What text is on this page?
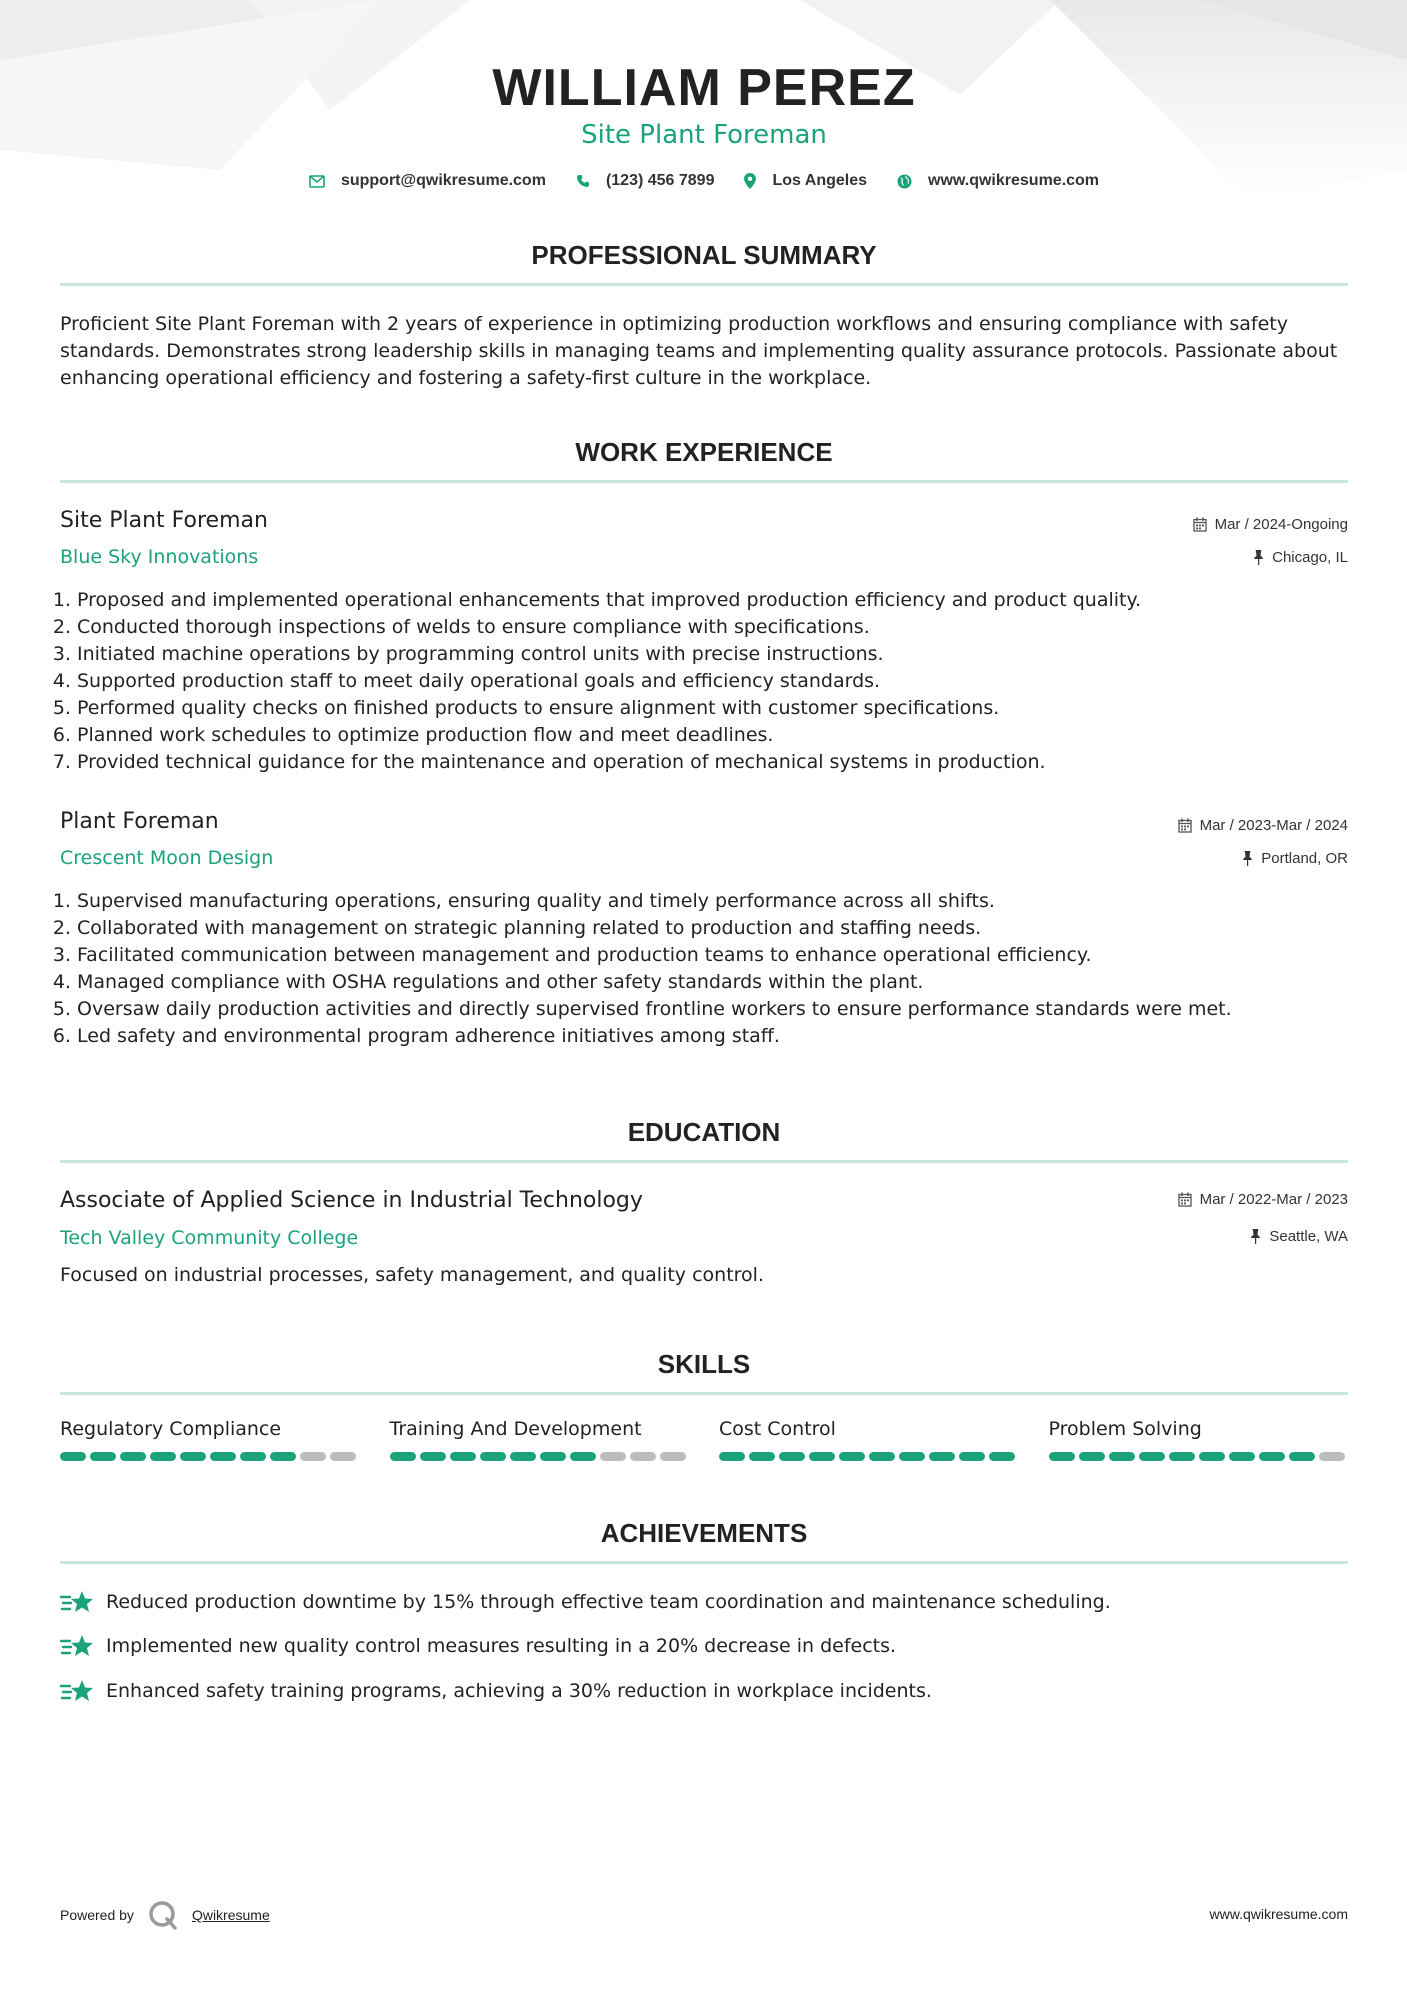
WILLIAM PEREZ
Site Plant Foreman
support@qwikresume.com	(123) 456 7899	Los Angeles	www.qwikresume.com
PROFESSIONAL SUMMARY
Proficient Site Plant Foreman with 2 years of experience in optimizing production workflows and ensuring compliance with safety standards. Demonstrates strong leadership skills in managing teams and implementing quality assurance protocols. Passionate about enhancing operational efficiency and fostering a safety-first culture in the workplace.
WORK EXPERIENCE
Site Plant Foreman	Mar / 2024-Ongoing
Blue Sky Innovations	Chicago, IL
1. Proposed and implemented operational enhancements that improved production efficiency and product quality.
2. Conducted thorough inspections of welds to ensure compliance with specifications.
3. Initiated machine operations by programming control units with precise instructions.
4. Supported production staff to meet daily operational goals and efficiency standards.
5. Performed quality checks on finished products to ensure alignment with customer specifications.
6. Planned work schedules to optimize production flow and meet deadlines.
7. Provided technical guidance for the maintenance and operation of mechanical systems in production.
Plant Foreman	Mar / 2023-Mar / 2024
Crescent Moon Design	Portland, OR
1. Supervised manufacturing operations, ensuring quality and timely performance across all shifts.
2. Collaborated with management on strategic planning related to production and staffing needs.
3. Facilitated communication between management and production teams to enhance operational efficiency.
4. Managed compliance with OSHA regulations and other safety standards within the plant.
5. Oversaw daily production activities and directly supervised frontline workers to ensure performance standards were met.
6. Led safety and environmental program adherence initiatives among staff.
EDUCATION
Associate of Applied Science in Industrial Technology	Mar / 2022-Mar / 2023
Tech Valley Community College	Seattle, WA
Focused on industrial processes, safety management, and quality control.
SKILLS
Regulatory Compliance	Training And Development	Cost Control	Problem Solving
ACHIEVEMENTS
Reduced production downtime by 15% through effective team coordination and maintenance scheduling.
Implemented new quality control measures resulting in a 20% decrease in defects.
Enhanced safety training programs, achieving a 30% reduction in workplace incidents.
Powered by	Qwikresume	www.qwikresume.com
